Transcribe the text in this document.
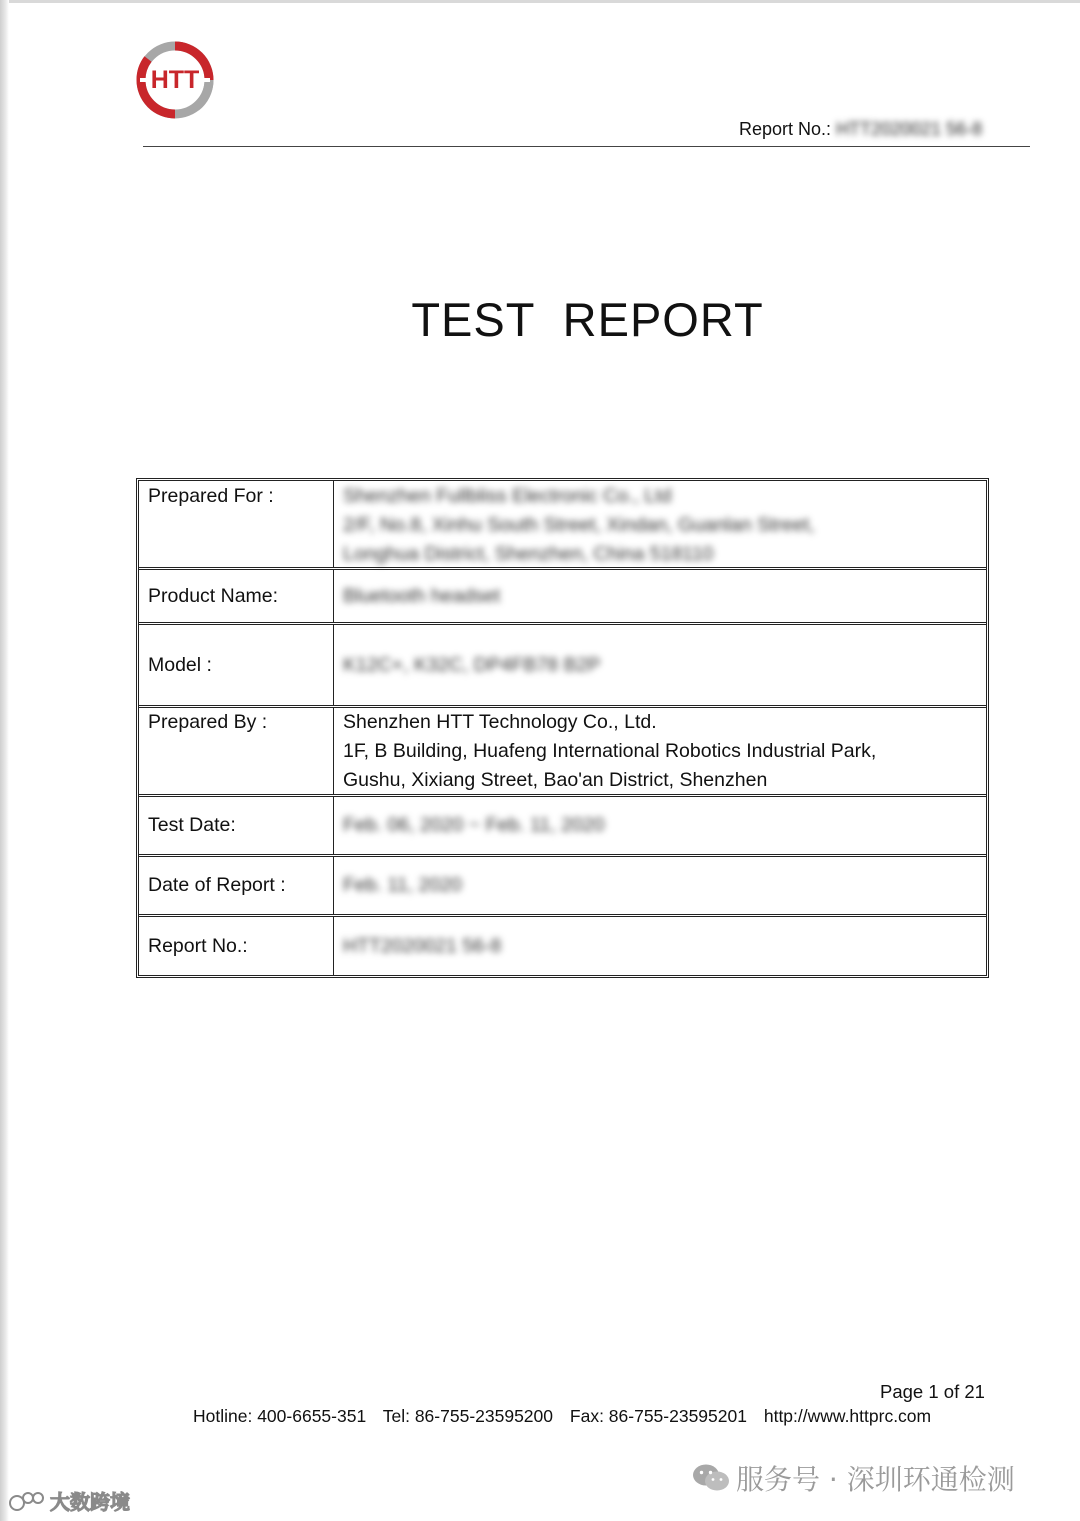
HTT
Report No.: HTT2020021 56-8
TEST REPORT
Prepared For :	Shenzhen Fullbliss Electronic Co., Ltd
2/F, No.8, Xinhu South Street, Xindan, Guanlan Street,
Longhua District, Shenzhen, China 518110
Product Name:	Bluetooth headset
Model :	K12C+, K32C, DP4FB78 B2P
Prepared By :	Shenzhen HTT Technology Co., Ltd.
1F, B Building, Huafeng International Robotics Industrial Park,
Gushu, Xixiang Street, Bao'an District, Shenzhen
Test Date:	Feb. 06, 2020 ~ Feb. 11, 2020
Date of Report :	Feb. 11, 2020
Report No.:	HTT2020021 56-8
Page 1 of 21
Hotline: 400-6655-351 Tel: 86-755-23595200 Fax: 86-755-23595201 http://www.httprc.com
服务号 · 深圳环通检测
大数跨境
